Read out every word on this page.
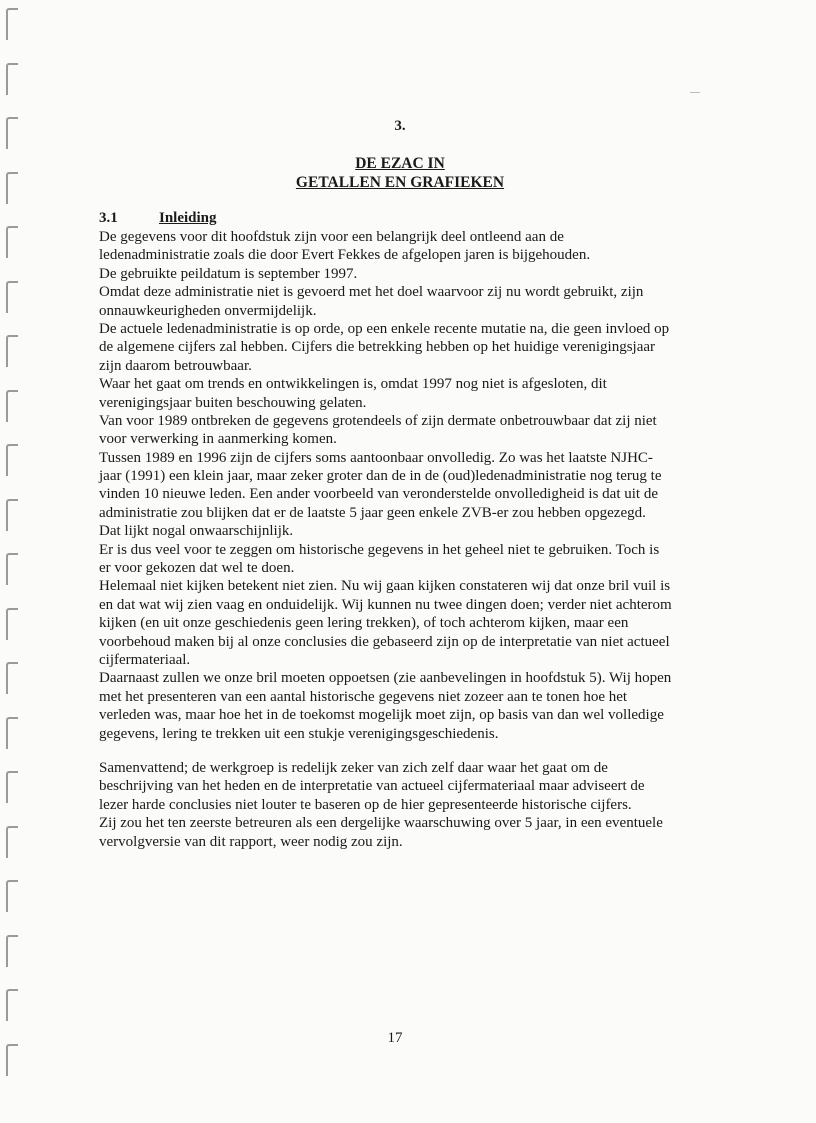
3.
DE EZAC IN
GETALLEN EN GRAFIEKEN
3.1	Inleiding
De gegevens voor dit hoofdstuk zijn voor een belangrijk deel ontleend aan de
ledenadministratie zoals die door Evert Fekkes de afgelopen jaren is bijgehouden.
De gebruikte peildatum is september 1997.
Omdat deze administratie niet is gevoerd met het doel waarvoor zij nu wordt gebruikt, zijn
onnauwkeurigheden onvermijdelijk.
De actuele ledenadministratie is op orde, op een enkele recente mutatie na, die geen invloed op
de algemene cijfers zal hebben. Cijfers die betrekking hebben op het huidige verenigingsjaar
zijn daarom betrouwbaar.
Waar het gaat om trends en ontwikkelingen is, omdat 1997 nog niet is afgesloten, dit
verenigingsjaar buiten beschouwing gelaten.
Van voor 1989 ontbreken de gegevens grotendeels of zijn dermate onbetrouwbaar dat zij niet
voor verwerking in aanmerking komen.
Tussen 1989 en 1996 zijn de cijfers soms aantoonbaar onvolledig. Zo was het laatste NJHC-
jaar (1991) een klein jaar, maar zeker groter dan de in de (oud)ledenadministratie nog terug te
vinden 10 nieuwe leden. Een ander voorbeeld van veronderstelde onvolledigheid is dat uit de
administratie zou blijken dat er de laatste 5 jaar geen enkele ZVB-er zou hebben opgezegd.
Dat lijkt nogal onwaarschijnlijk.
Er is dus veel voor te zeggen om historische gegevens in het geheel niet te gebruiken. Toch is
er voor gekozen dat wel te doen.
Helemaal niet kijken betekent niet zien. Nu wij gaan kijken constateren wij dat onze bril vuil is
en dat wat wij zien vaag en onduidelijk. Wij kunnen nu twee dingen doen; verder niet achterom
kijken (en uit onze geschiedenis geen lering trekken), of toch achterom kijken, maar een
voorbehoud maken bij al onze conclusies die gebaseerd zijn op de interpretatie van niet actueel
cijfermateriaal.
Daarnaast zullen we onze bril moeten oppoetsen (zie aanbevelingen in hoofdstuk 5). Wij hopen
met het presenteren van een aantal historische gegevens niet zozeer aan te tonen hoe het
verleden was, maar hoe het in de toekomst mogelijk moet zijn, op basis van dan wel volledige
gegevens, lering te trekken uit een stukje verenigingsgeschiedenis.
Samenvattend; de werkgroep is redelijk zeker van zich zelf daar waar het gaat om de
beschrijving van het heden en de interpretatie van actueel cijfermateriaal maar adviseert de
lezer harde conclusies niet louter te baseren op de hier gepresenteerde historische cijfers.
Zij zou het ten zeerste betreuren als een dergelijke waarschuwing over 5 jaar, in een eventuele
vervolgversie van dit rapport, weer nodig zou zijn.
17
